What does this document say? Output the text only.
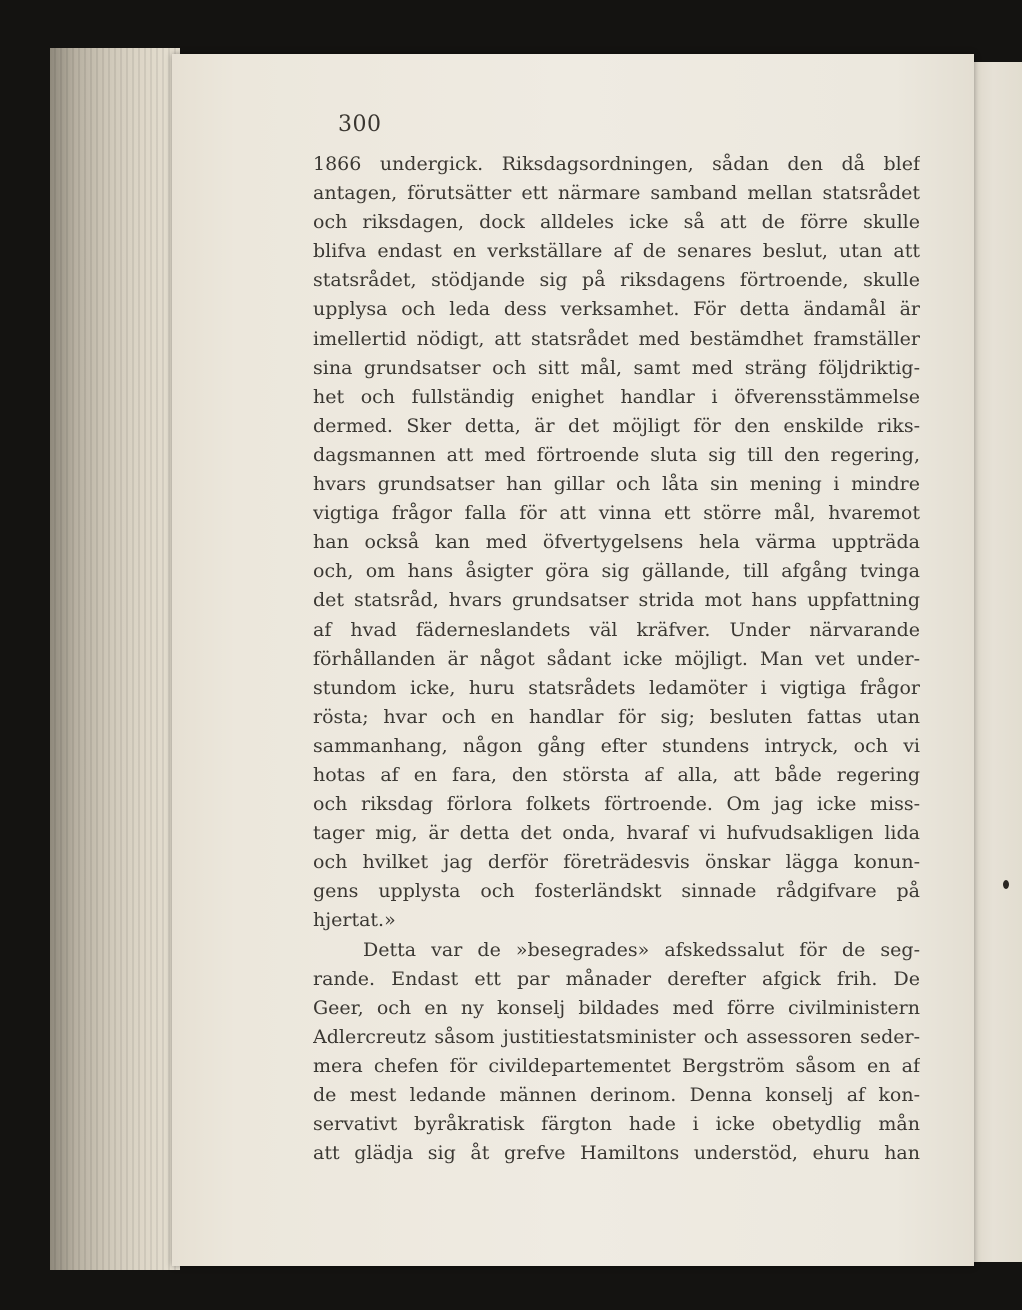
300
1866 undergick. Riksdagsordningen, sådan den då blef
antagen, förutsätter ett närmare samband mellan statsrådet
och riksdagen, dock alldeles icke så att de förre skulle
blifva endast en verkställare af de senares beslut, utan att
statsrådet, stödjande sig på riksdagens förtroende, skulle
upplysa och leda dess verksamhet. För detta ändamål är
imellertid nödigt, att statsrådet med bestämdhet framställer
sina grundsatser och sitt mål, samt med sträng följdriktig-
het och fullständig enighet handlar i öfverensstämmelse
dermed. Sker detta, är det möjligt för den enskilde riks-
dagsmannen att med förtroende sluta sig till den regering,
hvars grundsatser han gillar och låta sin mening i mindre
vigtiga frågor falla för att vinna ett större mål, hvaremot
han också kan med öfvertygelsens hela värma uppträda
och, om hans åsigter göra sig gällande, till afgång tvinga
det statsråd, hvars grundsatser strida mot hans uppfattning
af hvad fäderneslandets väl kräfver. Under närvarande
förhållanden är något sådant icke möjligt. Man vet under-
stundom icke, huru statsrådets ledamöter i vigtiga frågor
rösta; hvar och en handlar för sig; besluten fattas utan
sammanhang, någon gång efter stundens intryck, och vi
hotas af en fara, den största af alla, att både regering
och riksdag förlora folkets förtroende. Om jag icke miss-
tager mig, är detta det onda, hvaraf vi hufvudsakligen lida
och hvilket jag derför företrädesvis önskar lägga konun-
gens upplysta och fosterländskt sinnade rådgifvare på
hjertat.»
Detta var de »besegrades» afskedssalut för de seg-
rande. Endast ett par månader derefter afgick frih. De
Geer, och en ny konselj bildades med förre civilministern
Adlercreutz såsom justitiestatsminister och assessoren seder-
mera chefen för civildepartementet Bergström såsom en af
de mest ledande männen derinom. Denna konselj af kon-
servativt byråkratisk färgton hade i icke obetydlig mån
att glädja sig åt grefve Hamiltons understöd, ehuru han
